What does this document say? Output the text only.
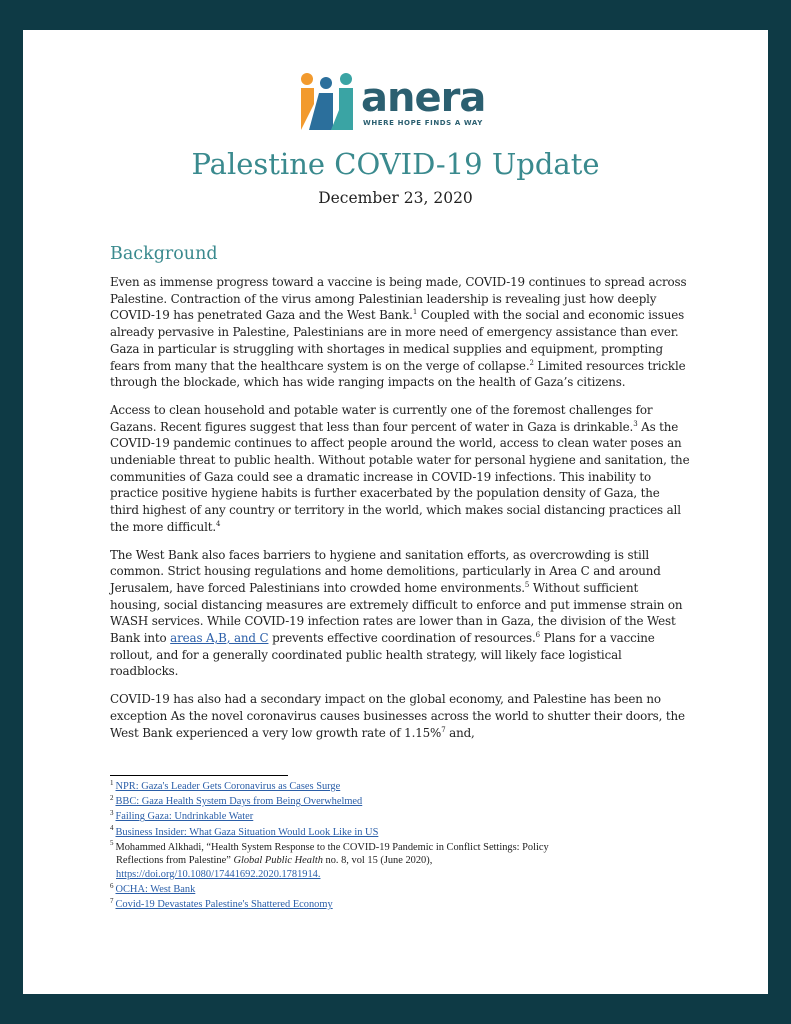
anera
WHERE HOPE FINDS A WAY
Palestine COVID-19 Update
December 23, 2020
Background

Even as immense progress toward a vaccine is being made, COVID-19 continues to spread across Palestine. Contraction of the virus among Palestinian leadership is revealing just how deeply COVID-19 has penetrated Gaza and the West Bank.$^1$ Coupled with the social and economic issues already pervasive in Palestine, Palestinians are in more need of emergency assistance than ever. Gaza in particular is struggling with shortages in medical supplies and equipment, prompting fears from many that the healthcare system is on the verge of collapse.$^2$ Limited resources trickle through the blockade, which has wide ranging impacts on the health of Gaza’s citizens.

Access to clean household and potable water is currently one of the foremost challenges for Gazans. Recent figures suggest that less than four percent of water in Gaza is drinkable.$^3$ As the COVID-19 pandemic continues to affect people around the world, access to clean water poses an undeniable threat to public health. Without potable water for personal hygiene and sanitation, the communities of Gaza could see a dramatic increase in COVID-19 infections. This inability to practice positive hygiene habits is further exacerbated by the population density of Gaza, the third highest of any country or territory in the world, which makes social distancing practices all the more difficult.$^4$

The West Bank also faces barriers to hygiene and sanitation efforts, as overcrowding is still common. Strict housing regulations and home demolitions, particularly in Area C and around Jerusalem, have forced Palestinians into crowded home environments.$^5$ Without sufficient housing, social distancing measures are extremely difficult to enforce and put immense strain on WASH services. While COVID-19 infection rates are lower than in Gaza, the division of the West Bank into areas A,B, and C prevents effective coordination of resources.$^6$ Plans for a vaccine rollout, and for a generally coordinated public health strategy, will likely face logistical roadblocks.

COVID-19 has also had a secondary impact on the global economy, and Palestine has been no exception As the novel coronavirus causes businesses across the world to shutter their doors, the West Bank experienced a very low growth rate of 1.15%$^7$ and,

$^1$ NPR: Gaza's Leader Gets Coronavirus as Cases Surge
$^2$ BBC: Gaza Health System Days from Being Overwhelmed
$^3$ Failing Gaza: Undrinkable Water
$^4$ Business Insider: What Gaza Situation Would Look Like in US
$^5$ Mohammed Alkhadi, “Health System Response to the COVID-19 Pandemic in Conflict Settings: Policy
Reflections from Palestine” Global Public Health no. 8, vol 15 (June 2020),
https://doi.org/10.1080/17441692.2020.1781914.
$^6$ OCHA: West Bank
$^7$ Covid-19 Devastates Palestine's Shattered Economy
